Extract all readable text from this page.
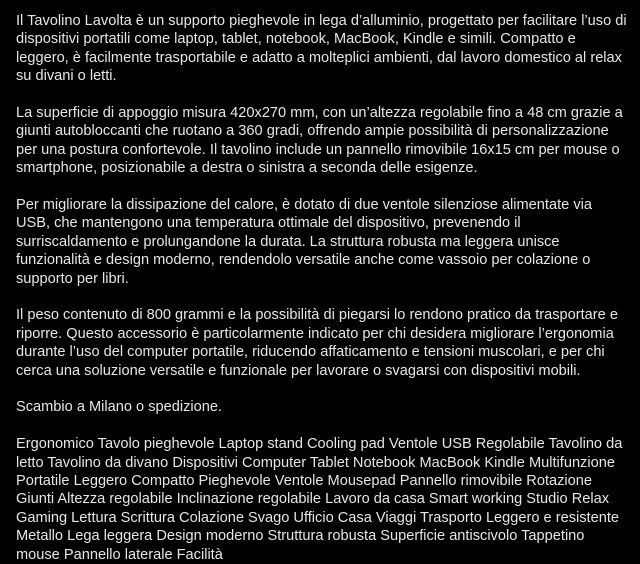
Il Tavolino Lavolta è un supporto pieghevole in lega d’alluminio, progettato per facilitare l’uso di dispositivi portatili come laptop, tablet, notebook, MacBook, Kindle e simili. Compatto e leggero, è facilmente trasportabile e adatto a molteplici ambienti, dal lavoro domestico al relax su divani o letti.

La superficie di appoggio misura 420x270 mm, con un’altezza regolabile fino a 48 cm grazie a giunti autobloccanti che ruotano a 360 gradi, offrendo ampie possibilità di personalizzazione per una postura confortevole. Il tavolino include un pannello rimovibile 16x15 cm per mouse o smartphone, posizionabile a destra o sinistra a seconda delle esigenze.

Per migliorare la dissipazione del calore, è dotato di due ventole silenziose alimentate via USB, che mantengono una temperatura ottimale del dispositivo, prevenendo il surriscaldamento e prolungandone la durata. La struttura robusta ma leggera unisce funzionalità e design moderno, rendendolo versatile anche come vassoio per colazione o supporto per libri.

Il peso contenuto di 800 grammi e la possibilità di piegarsi lo rendono pratico da trasportare e riporre. Questo accessorio è particolarmente indicato per chi desidera migliorare l’ergonomia durante l’uso del computer portatile, riducendo affaticamento e tensioni muscolari, e per chi cerca una soluzione versatile e funzionale per lavorare o svagarsi con dispositivi mobili.

Scambio a Milano o spedizione.

Ergonomico Tavolo pieghevole Laptop stand Cooling pad Ventole USB Regolabile Tavolino da letto Tavolino da divano Dispositivi Computer Tablet Notebook MacBook Kindle Multifunzione Portatile Leggero Compatto Pieghevole Ventole Mousepad Pannello rimovibile Rotazione Giunti Altezza regolabile Inclinazione regolabile Lavoro da casa Smart working Studio Relax Gaming Lettura Scrittura Colazione Svago Ufficio Casa Viaggi Trasporto Leggero e resistente Metallo Lega leggera Design moderno Struttura robusta Superficie antiscivolo Tappetino mouse Pannello laterale Facilità
